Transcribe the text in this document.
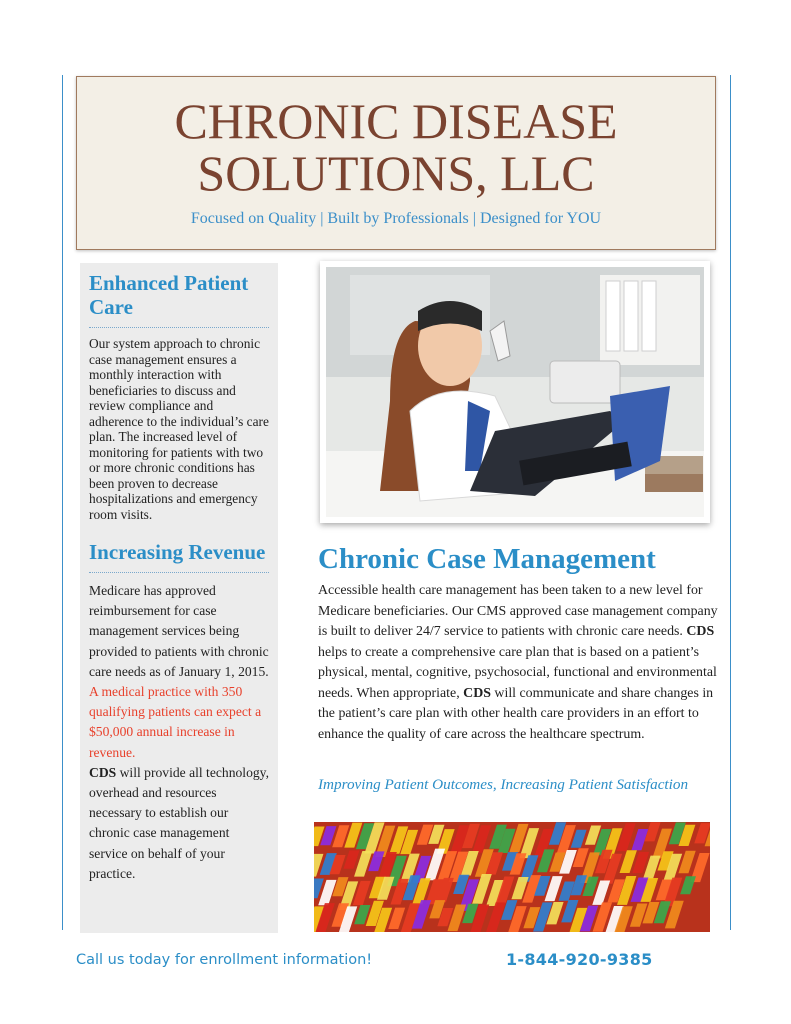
CHRONIC DISEASE
SOLUTIONS, LLC
Focused on Quality | Built by Professionals | Designed for YOU
Enhanced Patient Care

Our system approach to chronic case management ensures a monthly interaction with beneficiaries to discuss and review compliance and adherence to the individual’s care plan. The increased level of monitoring for patients with two or more chronic conditions has been proven to decrease hospitalizations and emergency room visits.

Increasing Revenue

Medicare has approved reimbursement for case management services being provided to patients with chronic care needs as of January 1, 2015. A medical practice with 350 qualifying patients can expect a $50,000 annual increase in revenue.
CDS will provide all technology, overhead and resources necessary to establish our chronic case management service on behalf of your practice.

Chronic Case Management

Accessible health care management has been taken to a new level for Medicare beneficiaries. Our CMS approved case management company is built to deliver 24/7 service to patients with chronic care needs. CDS helps to create a comprehensive care plan that is based on a patient’s physical, mental, cognitive, psychosocial, functional and environmental needs. When appropriate, CDS will communicate and share changes in the patient’s care plan with other health care providers in an effort to enhance the quality of care across the healthcare spectrum.

Improving Patient Outcomes, Increasing Patient Satisfaction
Call us today for enrollment information!	1-844-920-9385
